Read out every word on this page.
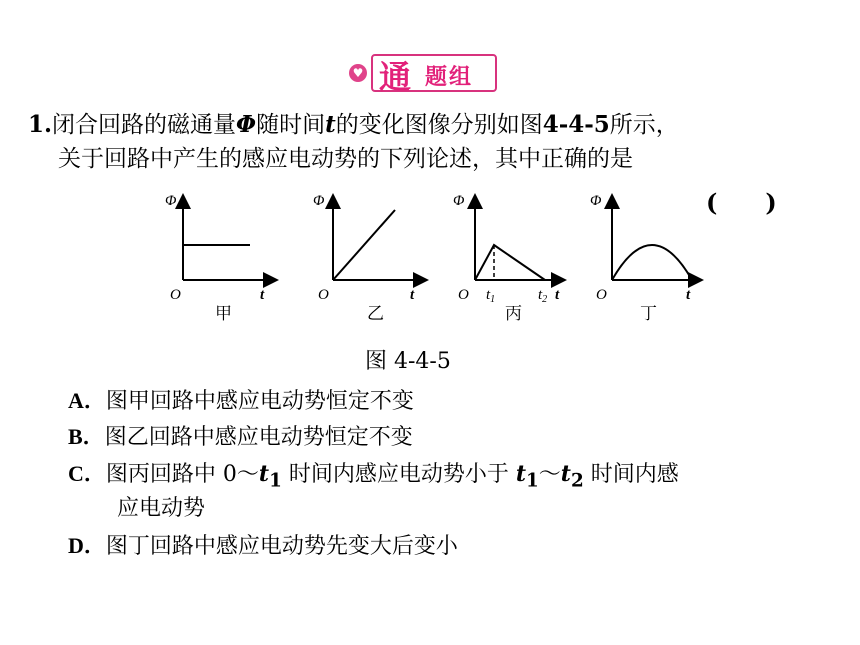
♥ 通 题组
1.闭合回路的磁通量Φ随时间t的变化图像分别如图4-4-5所示，
关于回路中产生的感应电动势的下列论述，其中正确的是
(　　)
Φ
O	t
甲
Φ
O	t
乙
Φ
O $t_1$	$t_2$ t
丙
Φ
O	t
丁
图 4-4-5
A．图甲回路中感应电动势恒定不变
B．图乙回路中感应电动势恒定不变
C．图丙回路中 $0\sim t_1$ 时间内感应电动势小于 $t_1\sim t_2$ 时间内感
应电动势
D．图丁回路中感应电动势先变大后变小
